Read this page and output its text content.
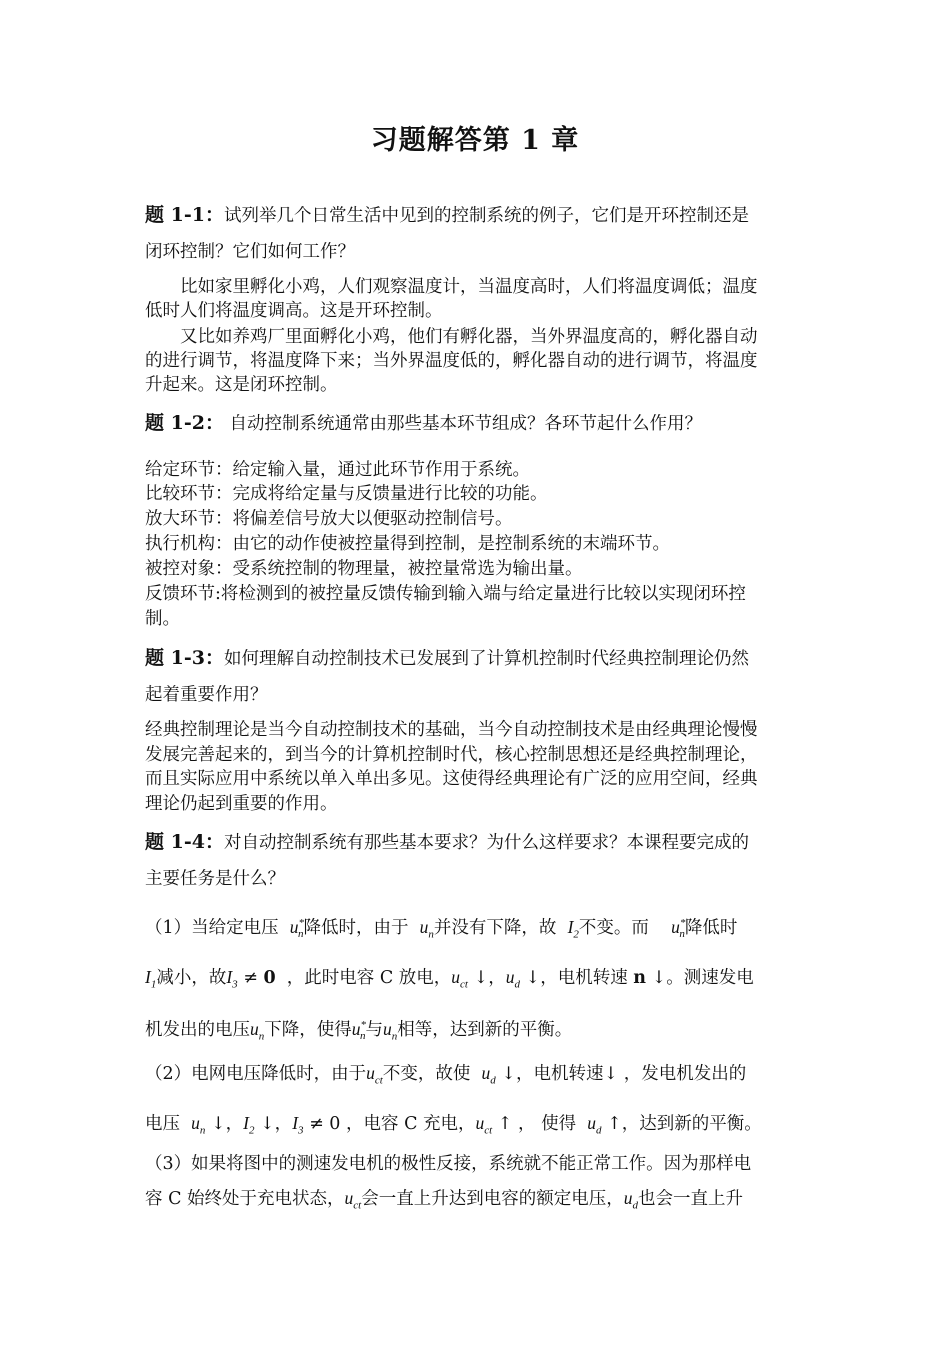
习题解答第 1 章
题 1-1：试列举几个日常生活中见到的控制系统的例子，它们是开环控制还是
闭环控制？它们如何工作？
比如家里孵化小鸡，人们观察温度计，当温度高时，人们将温度调低；温度
低时人们将温度调高。这是开环控制。
又比如养鸡厂里面孵化小鸡，他们有孵化器，当外界温度高的，孵化器自动
的进行调节，将温度降下来；当外界温度低的，孵化器自动的进行调节，将温度
升起来。这是闭环控制。
题 1-2： 自动控制系统通常由那些基本环节组成？各环节起什么作用？
给定环节：给定输入量，通过此环节作用于系统。
比较环节：完成将给定量与反馈量进行比较的功能。
放大环节：将偏差信号放大以便驱动控制信号。
执行机构：由它的动作使被控量得到控制，是控制系统的末端环节。
被控对象：受系统控制的物理量，被控量常选为输出量。
反馈环节:将检测到的被控量反馈传输到输入端与给定量进行比较以实现闭环控
制。
题 1-3：如何理解自动控制技术已发展到了计算机控制时代经典控制理论仍然
起着重要作用？
经典控制理论是当今自动控制技术的基础，当今自动控制技术是由经典理论慢慢
发展完善起来的，到当今的计算机控制时代，核心控制思想还是经典控制理论，
而且实际应用中系统以单入单出多见。这使得经典理论有广泛的应用空间，经典
理论仍起到重要的作用。
题 1-4：对自动控制系统有那些基本要求？为什么这样要求？本课程要完成的
主要任务是什么？
（1）当给定电压 $u^*_n$降低时，由于 $u_n$并没有下降，故 $I_2$不变。而 $u^*_n$降低时
$I_1$减小，故$I_3 \ne 0$ ，此时电容 C 放电，$u_{ct}$ ↓，$u_d$ ↓，电机转速 n ↓。测速发电
机发出的电压$u_n$下降，使得$u^*_n$与$u_n$相等，达到新的平衡。
（2）电网电压降低时，由于$u_{ct}$不变，故使 $u_d$ ↓，电机转速↓ ，发电机发出的
电压 $u_n$ ↓，$I_2$ ↓，$I_3 \ne 0$ ，电容 C 充电，$u_{ct}$ ↑ ， 使得 $u_d$ ↑，达到新的平衡。
（3）如果将图中的测速发电机的极性反接，系统就不能正常工作。因为那样电
容 C 始终处于充电状态，$u_{ct}$会一直上升达到电容的额定电压，$u_d$也会一直上升
